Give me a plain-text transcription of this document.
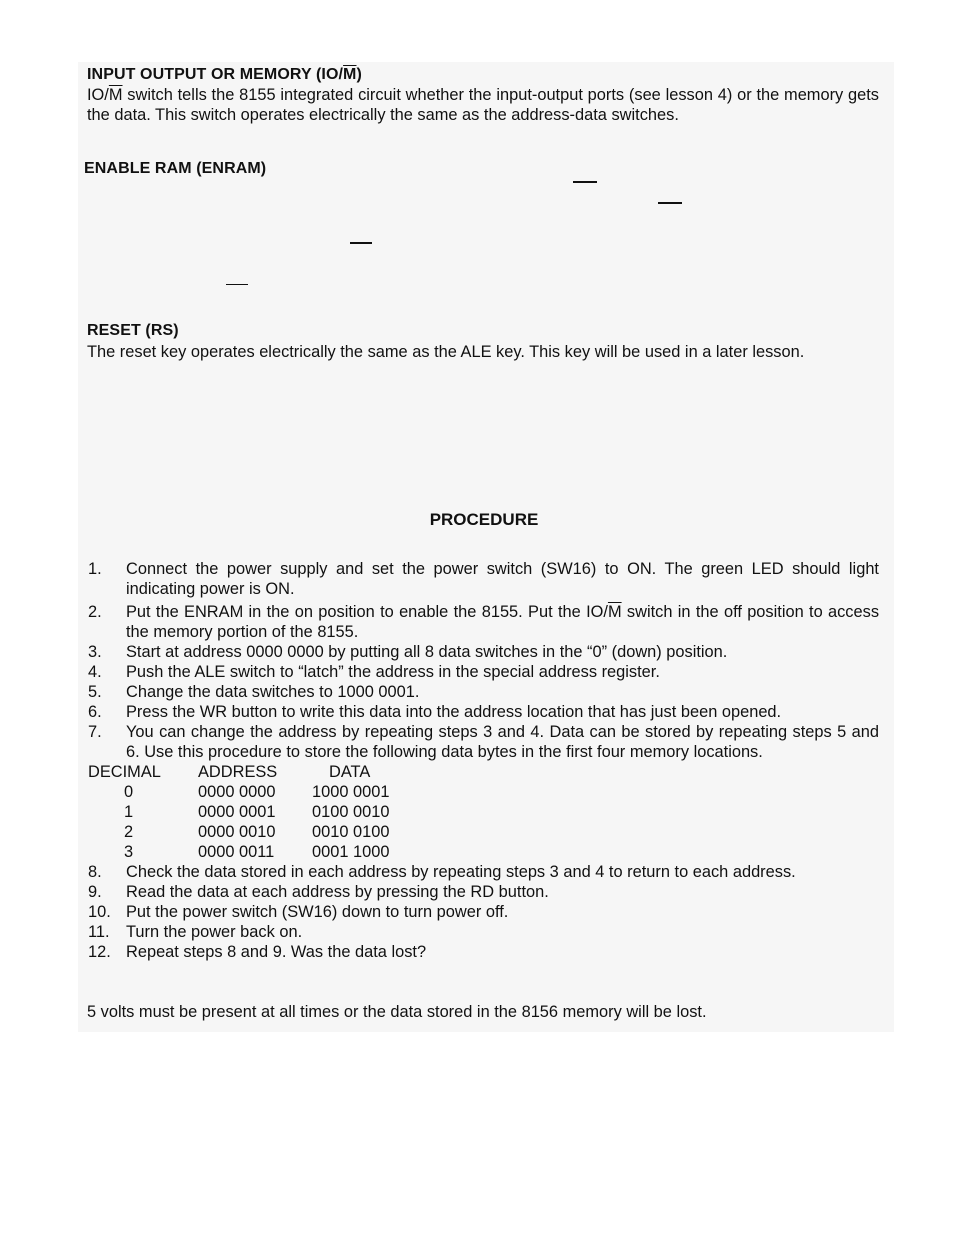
INPUT OUTPUT OR MEMORY $(IO/\overline{M})$
$IO/\overline{M}$ switch tells the 8155 integrated circuit whether the input-output ports (see lesson 4) or the memory gets the data. This switch operates electrically the same as the address-data switches.
ENABLE RAM (ENRAM)
RESET (RS)
The reset key operates electrically the same as the ALE key. This key will be used in a later lesson.
PROCEDURE
1. Connect the power supply and set the power switch (SW16) to ON. The green LED should light indicating power is ON.
2. Put the ENRAM in the on position to enable the 8155. Put the $IO/\overline{M}$ switch in the off position to access the memory portion of the 8155.
3. Start at address 0000 0000 by putting all 8 data switches in the “0” (down) position.
4. Push the ALE switch to “latch” the address in the special address register.
5. Change the data switches to 1000 0001.
6. Press the WR button to write this data into the address location that has just been opened.
7. You can change the address by repeating steps 3 and 4. Data can be stored by repeating steps 5 and 6. Use this procedure to store the following data bytes in the first four memory locations.
DECIMAL	ADDRESS	DATA
0	0000 0000	1000 0001
1	0000 0001	0100 0010
2	0000 0010	0010 0100
3	0000 0011	0001 1000
8. Check the data stored in each address by repeating steps 3 and 4 to return to each address.
9. Read the data at each address by pressing the RD button.
10. Put the power switch (SW16) down to turn power off.
11. Turn the power back on.
12. Repeat steps 8 and 9. Was the data lost?
5 volts must be present at all times or the data stored in the 8156 memory will be lost.
